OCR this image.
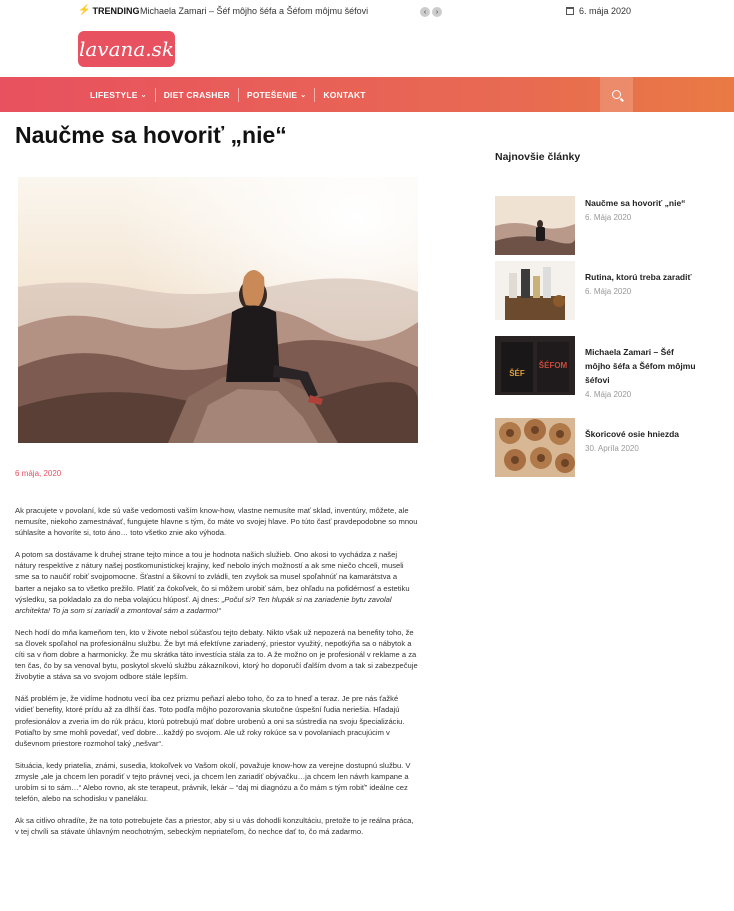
⚡ TRENDING Michaela Zamari – Šéf môjho šéfa a Šéfom môjmu šéfovi	‹	›	6. mája 2020
lavana.sk
LIFESTYLE ⌄ DIET CRASHER POTEŠENIE ⌄ KONTAKT
Naučme sa hovoriť „nie“
6 mája, 2020

Ak pracujete v povolaní, kde sú vaše vedomosti vaším know-how, vlastne nemusíte mať sklad, inventúry, môžete, ale nemusíte, niekoho zamestnávať, fungujete hlavne s tým, čo máte vo svojej hlave. Po túto časť pravdepodobne so mnou súhlasíte a hovoríte si, toto áno… toto všetko znie ako výhoda.

A potom sa dostávame k druhej strane tejto mince a tou je hodnota našich služieb. Ono akosi to vychádza z našej nátury respektíve z nátury našej postkomunistickej krajiny, keď nebolo iných možností a ak sme niečo chceli, museli sme sa to naučiť robiť svojpomocne. Šťastní a šikovní to zvládli, ten zvyšok sa musel spoľahnúť na kamarátstva a barter a nejako sa to všetko prežilo. Platiť za čokoľvek, čo si môžem urobiť sám, bez ohľadu na pofidérnosť a estetiku výsledku, sa pokladalo za do neba volajúcu hlúposť. Aj dnes: „Počul si? Ten hlupák si na zariadenie bytu zavolal architekta! To ja som si zariadil a zmontoval sám a zadarmo!“

Nech hodí do mňa kameňom ten, kto v živote nebol súčasťou tejto debaty. Nikto však už nepozerá na benefity toho, že sa človek spoľahol na profesionálnu službu. Že byt má efektívne zariadený, priestor využitý, nepotkýňa sa o nábytok a cíti sa v ňom dobre a harmonicky. Že mu skrátka táto investícia stála za to. A že možno on je profesionál v reklame a za ten čas, čo by sa venoval bytu, poskytol skvelú službu zákazníkovi, ktorý ho doporučí ďalším dvom a tak si zabezpečuje živobytie a stáva sa vo svojom odbore stále lepším.

Náš problém je, že vidíme hodnotu vecí iba cez prizmu peňazí alebo toho, čo za to hneď a teraz. Je pre nás ťažké vidieť benefity, ktoré prídu až za dlhší čas. Toto podľa môjho pozorovania skutočne úspešní ľudia neriešia. Hľadajú profesionálov a zveria im do rúk prácu, ktorú potrebujú mať dobre urobenú a oni sa sústredia na svoju špecializáciu. Potiaľto by sme mohli povedať, veď dobre…každý po svojom. Ale už roky rokúce sa v povolaniach pracujúcim v duševnom priestore rozmohol taký „nešvar“.

Situácia, kedy priatelia, známi, susedia, ktokoľvek vo Vašom okolí, považuje know-how za verejne dostupnú službu. V zmysle „ale ja chcem len poradiť v tejto právnej veci, ja chcem len zariadiť obývačku…ja chcem len návrh kampane a urobím si to sám…“ Alebo rovno, ak ste terapeut, právnik, lekár – “daj mi diagnózu a čo mám s tým robiť” ideálne cez telefón, alebo na schodisku v paneláku.

Ak sa citlivo ohradíte, že na toto potrebujete čas a priestor, aby si u vás dohodli konzultáciu, pretože to je reálna práca, v tej chvíli sa stávate úhlavným neochotným, sebeckým nepriateľom, čo nechce dať to, čo má zadarmo.

Najnovšie články
Naučme sa hovoriť „nie“
6. Mája 2020
Rutina, ktorú treba zaradiť
6. Mája 2020
ŠÉF
ŠÉFOM
Michaela Zamari – Šéf môjho šéfa a Šéfom môjmu šéfovi
4. Mája 2020
Škoricové osie hniezda
30. Apríla 2020
